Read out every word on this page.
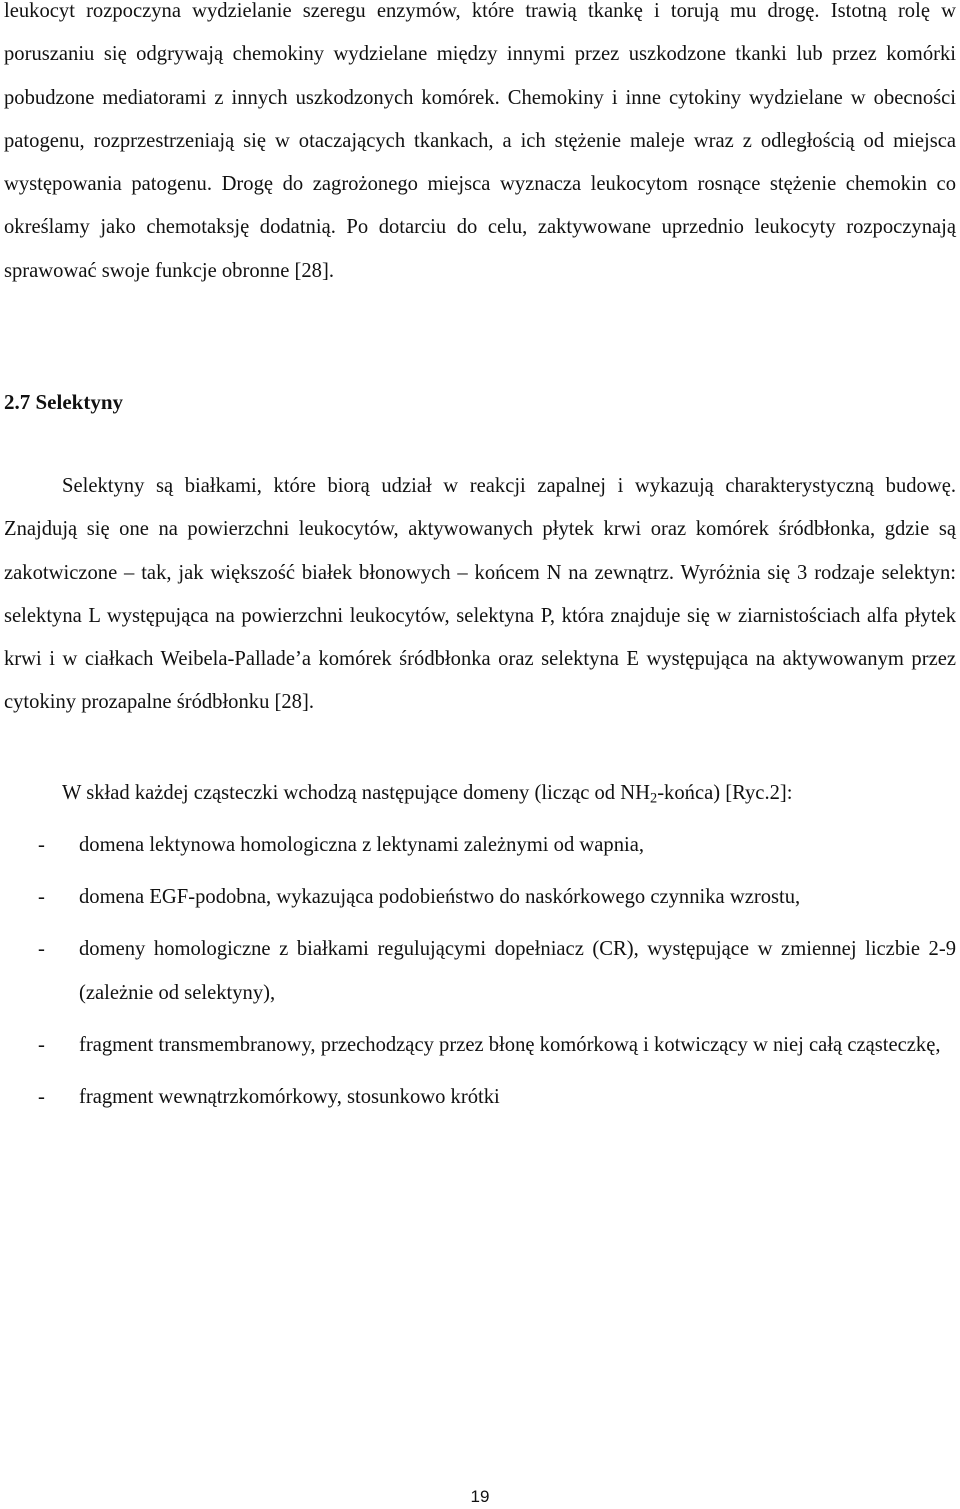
leukocyt rozpoczyna wydzielanie szeregu enzymów, które trawią tkankę i torują mu drogę. Istotną rolę w poruszaniu się odgrywają chemokiny wydzielane między innymi przez uszkodzone tkanki lub przez komórki pobudzone mediatorami z innych uszkodzonych komórek. Chemokiny i inne cytokiny wydzielane w obecności patogenu, rozprzestrzeniają się w otaczających tkankach, a ich stężenie maleje wraz z odległością od miejsca występowania patogenu. Drogę do zagrożonego miejsca wyznacza leukocytom rosnące stężenie chemokin co określamy jako chemotaksję dodatnią. Po dotarciu do celu, zaktywowane uprzednio leukocyty rozpoczynają sprawować swoje funkcje obronne [28].

2.7 Selektyny

Selektyny są białkami, które biorą udział w reakcji zapalnej i wykazują charakterystyczną budowę. Znajdują się one na powierzchni leukocytów, aktywowanych płytek krwi oraz komórek śródbłonka, gdzie są zakotwiczone – tak, jak większość białek błonowych – końcem N na zewnątrz. Wyróżnia się 3 rodzaje selektyn: selektyna L występująca na powierzchni leukocytów, selektyna P, która znajduje się w ziarnistościach alfa płytek krwi i w ciałkach Weibela-Pallade’a komórek śródbłonka oraz selektyna E występująca na aktywowanym przez cytokiny prozapalne śródbłonku [28].

W skład każdej cząsteczki wchodzą następujące domeny (licząc od $NH_2-końca$) [Ryc.2]:

- domena lektynowa homologiczna z lektynami zależnymi od wapnia,
- domena EGF-podobna, wykazująca podobieństwo do naskórkowego czynnika wzrostu,
- domeny homologiczne z białkami regulującymi dopełniacz (CR), występujące w zmiennej liczbie 2-9 (zależnie od selektyny),
- fragment transmembranowy, przechodzący przez błonę komórkową i kotwiczący w niej całą cząsteczkę,
- fragment wewnątrzkomórkowy, stosunkowo krótki
19
